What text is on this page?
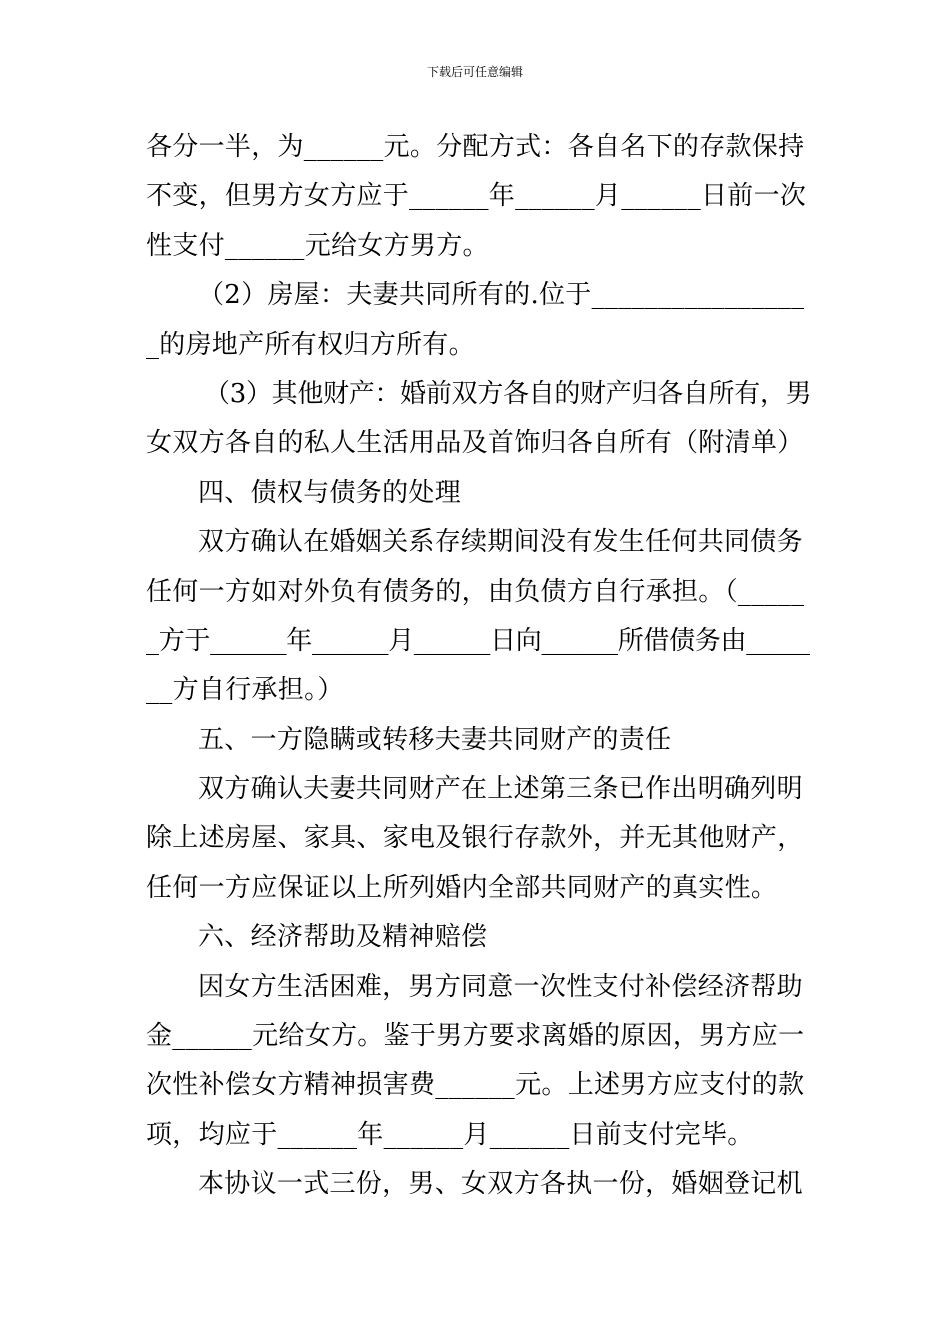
下载后可任意编辑
各分一半，为______元。分配方式：各自名下的存款保持
不变，但男方女方应于______年______月______日前一次
性支付______元给女方男方。
（2）房屋：夫妻共同所有的.位于________________
_的房地产所有权归方所有。
（3）其他财产：婚前双方各自的财产归各自所有，男
女双方各自的私人生活用品及首饰归各自所有（附清单）
四、债权与债务的处理
双方确认在婚姻关系存续期间没有发生任何共同债务
任何一方如对外负有债务的，由负债方自行承担。（_____
_方于______年______月______日向______所借债务由_____
__方自行承担。）
五、一方隐瞒或转移夫妻共同财产的责任
双方确认夫妻共同财产在上述第三条已作出明确列明
除上述房屋、家具、家电及银行存款外，并无其他财产，
任何一方应保证以上所列婚内全部共同财产的真实性。
六、经济帮助及精神赔偿
因女方生活困难，男方同意一次性支付补偿经济帮助
金______元给女方。鉴于男方要求离婚的原因，男方应一
次性补偿女方精神损害费______元。上述男方应支付的款
项，均应于______年______月______日前支付完毕。
本协议一式三份，男、女双方各执一份，婚姻登记机
